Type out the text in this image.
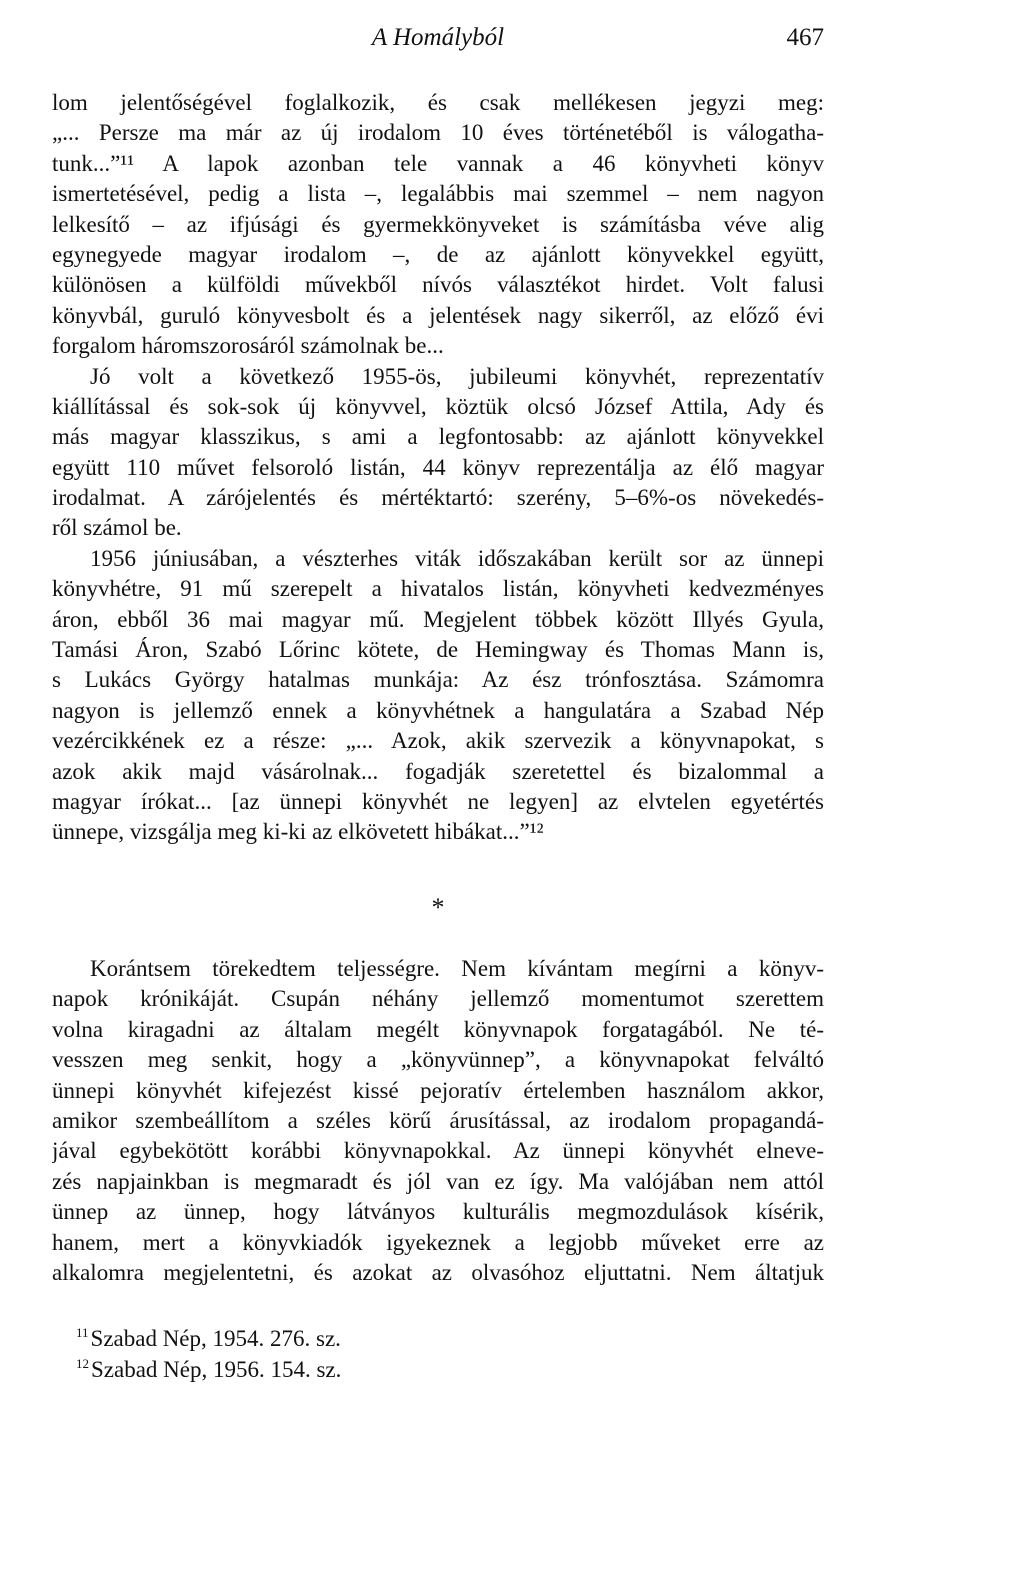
A Homályból	467
lom jelentőségével foglalkozik, és csak mellékesen jegyzi meg:
„... Persze ma már az új irodalom 10 éves történetéből is válogatha-
tunk...”¹¹ A lapok azonban tele vannak a 46 könyvheti könyv
ismertetésével, pedig a lista –, legalábbis mai szemmel – nem nagyon
lelkesítő – az ifjúsági és gyermekkönyveket is számításba véve alig
egynegyede magyar irodalom –, de az ajánlott könyvekkel együtt,
különösen a külföldi művekből nívós választékot hirdet. Volt falusi
könyvbál, guruló könyvesbolt és a jelentések nagy sikerről, az előző évi
forgalom háromszorosáról számolnak be...
Jó volt a következő 1955-ös, jubileumi könyvhét, reprezentatív
kiállítással és sok-sok új könyvvel, köztük olcsó József Attila, Ady és
más magyar klasszikus, s ami a legfontosabb: az ajánlott könyvekkel
együtt 110 művet felsoroló listán, 44 könyv reprezentálja az élő magyar
irodalmat. A zárójelentés és mértéktartó: szerény, 5–6%-os növekedés-
ről számol be.
1956 júniusában, a vészterhes viták időszakában került sor az ünnepi
könyvhétre, 91 mű szerepelt a hivatalos listán, könyvheti kedvezményes
áron, ebből 36 mai magyar mű. Megjelent többek között Illyés Gyula,
Tamási Áron, Szabó Lőrinc kötete, de Hemingway és Thomas Mann is,
s Lukács György hatalmas munkája: Az ész trónfosztása. Számomra
nagyon is jellemző ennek a könyvhétnek a hangulatára a Szabad Nép
vezércikkének ez a része: „... Azok, akik szervezik a könyvnapokat, s
azok akik majd vásárolnak... fogadják szeretettel és bizalommal a
magyar írókat... [az ünnepi könyvhét ne legyen] az elvtelen egyetértés
ünnepe, vizsgálja meg ki-ki az elkövetett hibákat...”¹²
*
Korántsem törekedtem teljességre. Nem kívántam megírni a könyv-
napok krónikáját. Csupán néhány jellemző momentumot szerettem
volna kiragadni az általam megélt könyvnapok forgatagából. Ne té-
vesszen meg senkit, hogy a „könyvünnep”, a könyvnapokat felváltó
ünnepi könyvhét kifejezést kissé pejoratív értelemben használom akkor,
amikor szembeállítom a széles körű árusítással, az irodalom propagandá-
jával egybekötött korábbi könyvnapokkal. Az ünnepi könyvhét elneve-
zés napjainkban is megmaradt és jól van ez így. Ma valójában nem attól
ünnep az ünnep, hogy látványos kulturális megmozdulások kísérik,
hanem, mert a könyvkiadók igyekeznek a legjobb műveket erre az
alkalomra megjelentetni, és azokat az olvasóhoz eljuttatni. Nem áltatjuk
$^{11}$Szabad Nép, 1954. 276. sz.
$^{12}$Szabad Nép, 1956. 154. sz.
